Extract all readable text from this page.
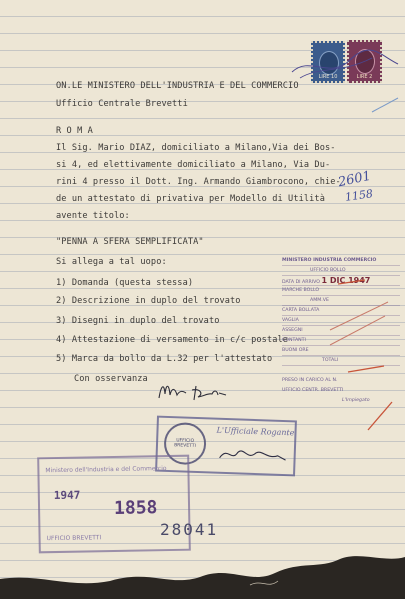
LIRE 10	LIRE 2
ON.LE MINISTERO DELL'INDUSTRIA E DEL COMMERCIO
Ufficio Centrale Brevetti
R O M A
Il Sig. Mario DIAZ, domiciliato a Milano,Via dei Bos-
si 4, ed elettivamente domiciliato a Milano, Via Du-
rini 4 presso il Dott. Ing. Armando Giambrocono, chie-
de un attestato di privativa per Modello di Utilità
avente titolo:
"PENNA A SFERA SEMPLIFICATA"
Si allega a tal uopo:
1) Domanda (questa stessa)
2) Descrizione in duplo del trovato
3) Disegni in duplo del trovato
4) Attestazione di versamento in c/c postale
5) Marca da bollo da L.32 per l'attestato
Con osservanza
2601
1158
MINISTERO INDUSTRIA COMMERCIO
UFFICIO BOLLO
DATA DI ARRIVO 1 DIC 1947
MARCHE BOLLO
AMM.VE
CARTA BOLLATA
VAGLIA
ASSEGNI
CONTANTI
BUONI ORE
TOTALI
PRESO IN CARICO AL N.
UFFICIO CENTR. BREVETTI
L'Impiegato
UFFICIO BREVETTI
L'Ufficiale Rogante
Ministero dell'Industria e del Commercio
1947
1858
UFFICIO BREVETTI	28041
